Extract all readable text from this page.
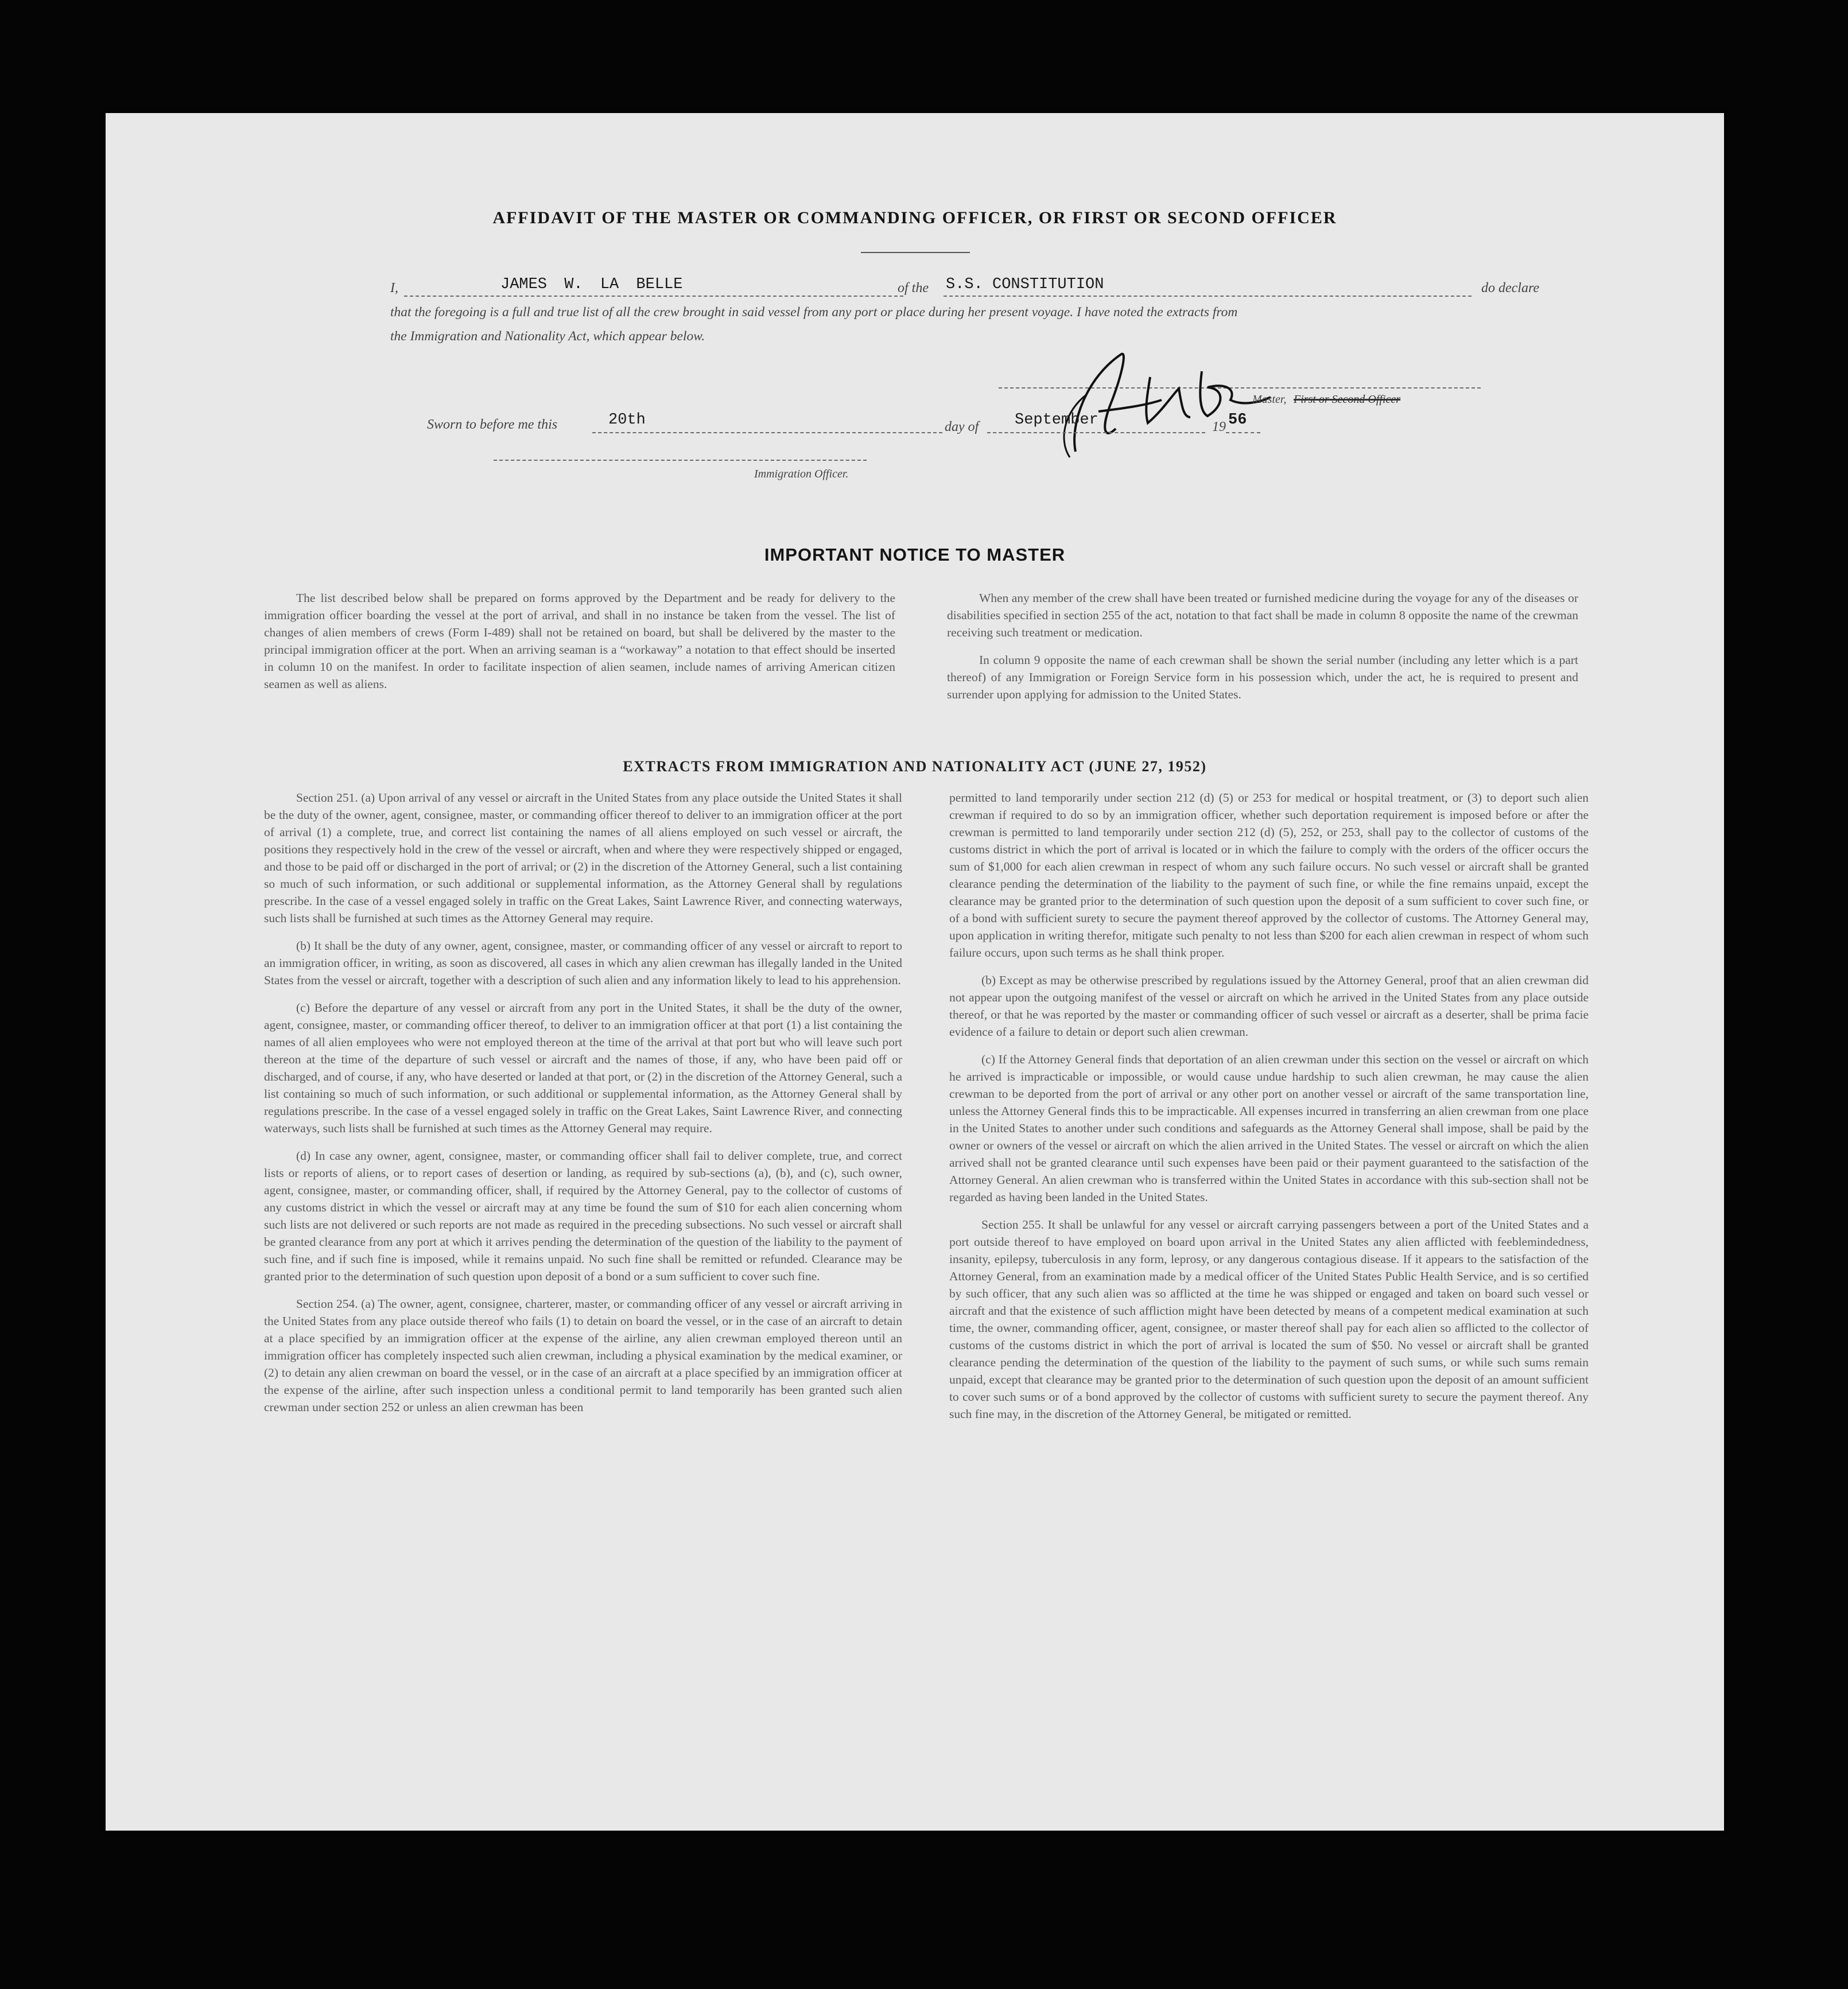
AFFIDAVIT OF THE MASTER OR COMMANDING OFFICER, OR FIRST OR SECOND OFFICER
I,	JAMES W. LA BELLE	of the S.S. CONSTITUTION	do declare
that the foregoing is a full and true list of all the crew brought in said vessel from any port or place during her present voyage. I have noted the extracts from
the Immigration and Nationality Act, which appear below.
Master, First or Second Officer
Sworn to before me this	20th	day of September	19 56
Immigration Officer.
IMPORTANT NOTICE TO MASTER

The list described below shall be prepared on forms approved by the Department and be ready for delivery to the immigration officer boarding the vessel at the port of arrival, and shall in no instance be taken from the vessel. The list of changes of alien members of crews (Form I-489) shall not be retained on board, but shall be delivered by the master to the principal immigration officer at the port. When an arriving seaman is a “workaway” a notation to that effect should be inserted in column 10 on the manifest. In order to facilitate inspection of alien seamen, include names of arriving American citizen seamen as well as aliens.

When any member of the crew shall have been treated or furnished medicine during the voyage for any of the diseases or disabilities specified in section 255 of the act, notation to that fact shall be made in column 8 opposite the name of the crewman receiving such treatment or medication.

In column 9 opposite the name of each crewman shall be shown the serial number (including any letter which is a part thereof) of any Immigration or Foreign Service form in his possession which, under the act, he is required to present and surrender upon applying for admission to the United States.

EXTRACTS FROM IMMIGRATION AND NATIONALITY ACT (JUNE 27, 1952)

Section 251. (a) Upon arrival of any vessel or aircraft in the United States from any place outside the United States it shall be the duty of the owner, agent, consignee, master, or commanding officer thereof to deliver to an immigration officer at the port of arrival (1) a complete, true, and correct list containing the names of all aliens employed on such vessel or aircraft, the positions they respectively hold in the crew of the vessel or aircraft, when and where they were respectively shipped or engaged, and those to be paid off or discharged in the port of arrival; or (2) in the discretion of the Attorney General, such a list containing so much of such information, or such additional or supplemental information, as the Attorney General shall by regulations prescribe. In the case of a vessel engaged solely in traffic on the Great Lakes, Saint Lawrence River, and connecting waterways, such lists shall be furnished at such times as the Attorney General may require.

(b) It shall be the duty of any owner, agent, consignee, master, or commanding officer of any vessel or aircraft to report to an immigration officer, in writing, as soon as discovered, all cases in which any alien crewman has illegally landed in the United States from the vessel or aircraft, together with a description of such alien and any information likely to lead to his apprehension.

(c) Before the departure of any vessel or aircraft from any port in the United States, it shall be the duty of the owner, agent, consignee, master, or commanding officer thereof, to deliver to an immigration officer at that port (1) a list containing the names of all alien employees who were not employed thereon at the time of the arrival at that port but who will leave such port thereon at the time of the departure of such vessel or aircraft and the names of those, if any, who have been paid off or discharged, and of course, if any, who have deserted or landed at that port, or (2) in the discretion of the Attorney General, such a list containing so much of such information, or such additional or supplemental information, as the Attorney General shall by regulations prescribe. In the case of a vessel engaged solely in traffic on the Great Lakes, Saint Lawrence River, and connecting waterways, such lists shall be furnished at such times as the Attorney General may require.

(d) In case any owner, agent, consignee, master, or commanding officer shall fail to deliver complete, true, and correct lists or reports of aliens, or to report cases of desertion or landing, as required by sub-sections (a), (b), and (c), such owner, agent, consignee, master, or commanding officer, shall, if required by the Attorney General, pay to the collector of customs of any customs district in which the vessel or aircraft may at any time be found the sum of $10 for each alien concerning whom such lists are not delivered or such reports are not made as required in the preceding subsections. No such vessel or aircraft shall be granted clearance from any port at which it arrives pending the determination of the question of the liability to the payment of such fine, and if such fine is imposed, while it remains unpaid. No such fine shall be remitted or refunded. Clearance may be granted prior to the determination of such question upon deposit of a bond or a sum sufficient to cover such fine.

Section 254. (a) The owner, agent, consignee, charterer, master, or commanding officer of any vessel or aircraft arriving in the United States from any place outside thereof who fails (1) to detain on board the vessel, or in the case of an aircraft to detain at a place specified by an immigration officer at the expense of the airline, any alien crewman employed thereon until an immigration officer has completely inspected such alien crewman, including a physical examination by the medical examiner, or (2) to detain any alien crewman on board the vessel, or in the case of an aircraft at a place specified by an immigration officer at the expense of the airline, after such inspection unless a conditional permit to land temporarily has been granted such alien crewman under section 252 or unless an alien crewman has been

permitted to land temporarily under section 212 (d) (5) or 253 for medical or hospital treatment, or (3) to deport such alien crewman if required to do so by an immigration officer, whether such deportation requirement is imposed before or after the crewman is permitted to land temporarily under section 212 (d) (5), 252, or 253, shall pay to the collector of customs of the customs district in which the port of arrival is located or in which the failure to comply with the orders of the officer occurs the sum of $1,000 for each alien crewman in respect of whom any such failure occurs. No such vessel or aircraft shall be granted clearance pending the determination of the liability to the payment of such fine, or while the fine remains unpaid, except the clearance may be granted prior to the determination of such question upon the deposit of a sum sufficient to cover such fine, or of a bond with sufficient surety to secure the payment thereof approved by the collector of customs. The Attorney General may, upon application in writing therefor, mitigate such penalty to not less than $200 for each alien crewman in respect of whom such failure occurs, upon such terms as he shall think proper.

(b) Except as may be otherwise prescribed by regulations issued by the Attorney General, proof that an alien crewman did not appear upon the outgoing manifest of the vessel or aircraft on which he arrived in the United States from any place outside thereof, or that he was reported by the master or commanding officer of such vessel or aircraft as a deserter, shall be prima facie evidence of a failure to detain or deport such alien crewman.

(c) If the Attorney General finds that deportation of an alien crewman under this section on the vessel or aircraft on which he arrived is impracticable or impossible, or would cause undue hardship to such alien crewman, he may cause the alien crewman to be deported from the port of arrival or any other port on another vessel or aircraft of the same transportation line, unless the Attorney General finds this to be impracticable. All expenses incurred in transferring an alien crewman from one place in the United States to another under such conditions and safeguards as the Attorney General shall impose, shall be paid by the owner or owners of the vessel or aircraft on which the alien arrived in the United States. The vessel or aircraft on which the alien arrived shall not be granted clearance until such expenses have been paid or their payment guaranteed to the satisfaction of the Attorney General. An alien crewman who is transferred within the United States in accordance with this sub-section shall not be regarded as having been landed in the United States.

Section 255. It shall be unlawful for any vessel or aircraft carrying passengers between a port of the United States and a port outside thereof to have employed on board upon arrival in the United States any alien afflicted with feeblemindedness, insanity, epilepsy, tuberculosis in any form, leprosy, or any dangerous contagious disease. If it appears to the satisfaction of the Attorney General, from an examination made by a medical officer of the United States Public Health Service, and is so certified by such officer, that any such alien was so afflicted at the time he was shipped or engaged and taken on board such vessel or aircraft and that the existence of such affliction might have been detected by means of a competent medical examination at such time, the owner, commanding officer, agent, consignee, or master thereof shall pay for each alien so afflicted to the collector of customs of the customs district in which the port of arrival is located the sum of $50. No vessel or aircraft shall be granted clearance pending the determination of the question of the liability to the payment of such sums, or while such sums remain unpaid, except that clearance may be granted prior to the determination of such question upon the deposit of an amount sufficient to cover such sums or of a bond approved by the collector of customs with sufficient surety to secure the payment thereof. Any such fine may, in the discretion of the Attorney General, be mitigated or remitted.
